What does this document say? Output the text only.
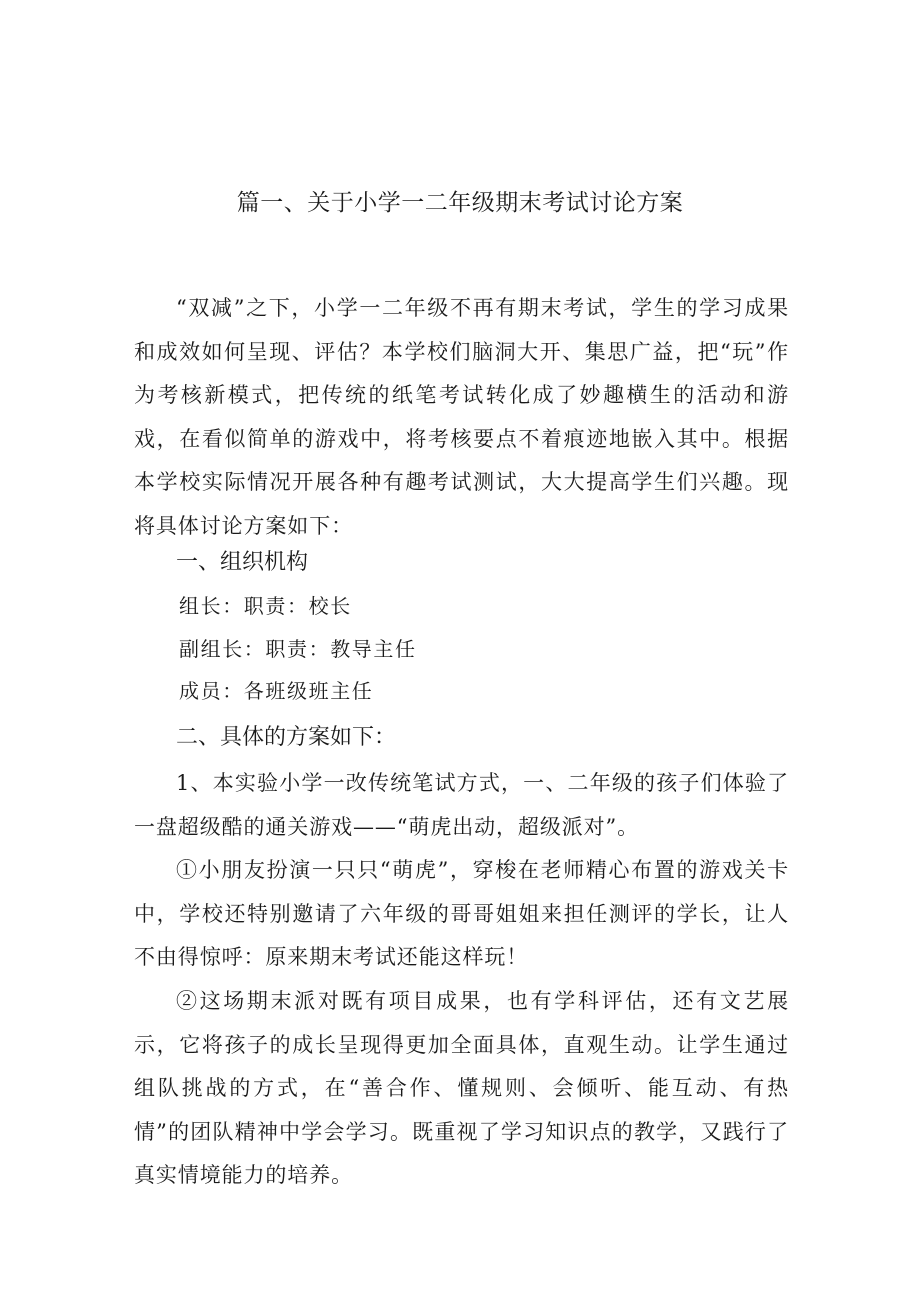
篇一、关于小学一二年级期末考试讨论方案

“双减”之下，小学一二年级不再有期末考试，学生的学习成果和成效如何呈现、评估？本学校们脑洞大开、集思广益，把“玩”作为考核新模式，把传统的纸笔考试转化成了妙趣横生的活动和游戏，在看似简单的游戏中，将考核要点不着痕迹地嵌入其中。根据本学校实际情况开展各种有趣考试测试，大大提高学生们兴趣。现将具体讨论方案如下：

一、组织机构

组长：职责：校长

副组长：职责：教导主任

成员：各班级班主任

二、具体的方案如下：

1、本实验小学一改传统笔试方式，一、二年级的孩子们体验了一盘超级酷的通关游戏——“萌虎出动，超级派对”。

①小朋友扮演一只只“萌虎”，穿梭在老师精心布置的游戏关卡中，学校还特别邀请了六年级的哥哥姐姐来担任测评的学长，让人不由得惊呼：原来期末考试还能这样玩！

②这场期末派对既有项目成果，也有学科评估，还有文艺展示，它将孩子的成长呈现得更加全面具体，直观生动。让学生通过组队挑战的方式，在“善合作、懂规则、会倾听、能互动、有热情”的团队精神中学会学习。既重视了学习知识点的教学，又践行了真实情境能力的培养。
